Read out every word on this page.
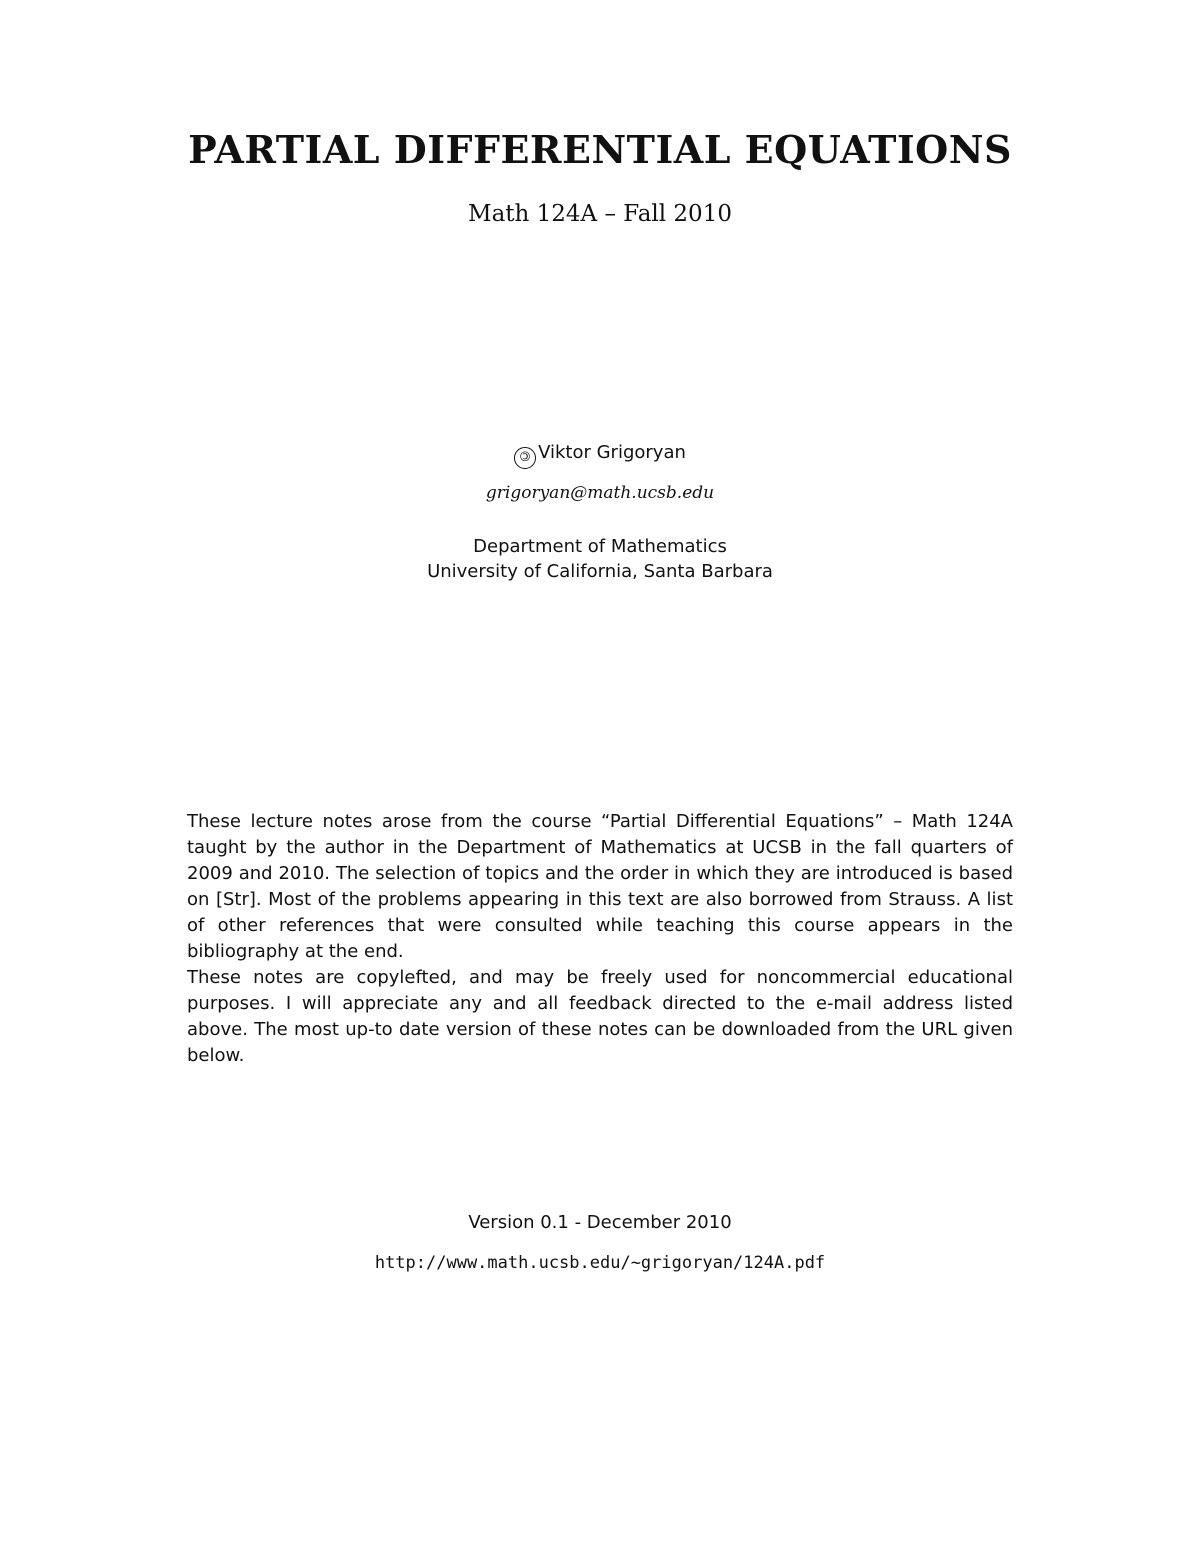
PARTIAL DIFFERENTIAL EQUATIONS
Math 124A – Fall 2010
© Viktor Grigoryan
grigoryan@math.ucsb.edu
Department of Mathematics
University of California, Santa Barbara

These lecture notes arose from the course “Partial Differential Equations” – Math 124A taught by the author in the Department of Mathematics at UCSB in the fall quarters of 2009 and 2010. The selection of topics and the order in which they are introduced is based on [Str]. Most of the problems appearing in this text are also borrowed from Strauss. A list of other references that were consulted while teaching this course appears in the bibliography at the end.

These notes are copylefted, and may be freely used for noncommercial educational purposes. I will appreciate any and all feedback directed to the e-mail address listed above. The most up-to date version of these notes can be downloaded from the URL given below.

Version 0.1 - December 2010
http://www.math.ucsb.edu/~grigoryan/124A.pdf
